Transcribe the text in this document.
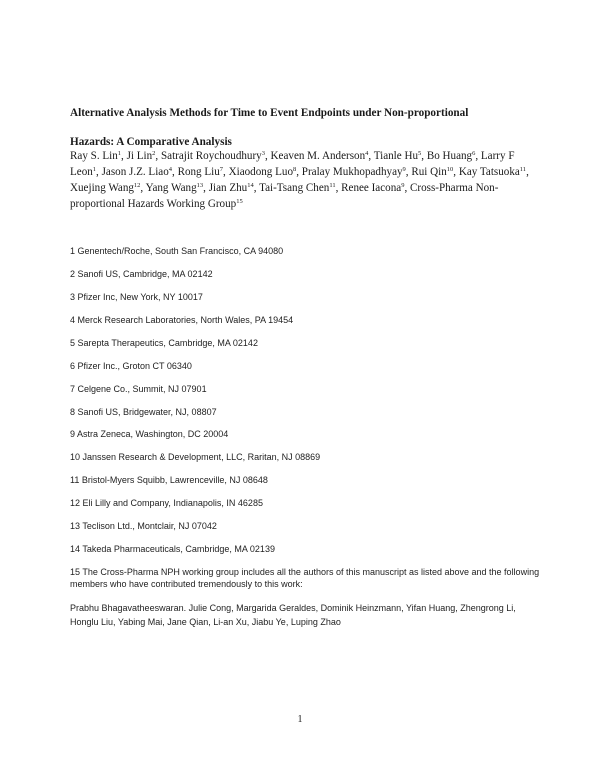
Alternative Analysis Methods for Time to Event Endpoints under Non-proportional

Hazards: A Comparative Analysis

Ray S. Lin$^1$, Ji Lin$^2$, Satrajit Roychoudhury$^3$, Keaven M. Anderson$^4$, Tianle Hu$^5$, Bo Huang$^6$, Larry F Leon$^1$, Jason J.Z. Liao$^4$, Rong Liu$^7$, Xiaodong Luo$^8$, Pralay Mukhopadhyay$^9$, Rui Qin$^{10}$, Kay Tatsuoka$^{11}$, Xuejing Wang$^{12}$, Yang Wang$^{13}$, Jian Zhu$^{14}$, Tai-Tsang Chen$^{11}$, Renee Iacona$^9$, Cross-Pharma Non-proportional Hazards Working Group$^{15}$

1 Genentech/Roche, South San Francisco, CA 94080

2 Sanofi US, Cambridge, MA 02142

3 Pfizer Inc, New York, NY 10017

4 Merck Research Laboratories, North Wales, PA 19454

5 Sarepta Therapeutics, Cambridge, MA 02142

6 Pfizer Inc., Groton CT 06340

7 Celgene Co., Summit, NJ 07901

8 Sanofi US, Bridgewater, NJ, 08807

9 Astra Zeneca, Washington, DC 20004

10 Janssen Research & Development, LLC, Raritan, NJ 08869

11 Bristol-Myers Squibb, Lawrenceville, NJ 08648

12 Eli Lilly and Company, Indianapolis, IN 46285

13 Teclison Ltd., Montclair, NJ 07042

14 Takeda Pharmaceuticals, Cambridge, MA 02139

15 The Cross-Pharma NPH working group includes all the authors of this manuscript as listed above and the following members who have contributed tremendously to this work:

Prabhu Bhagavatheeswaran. Julie Cong, Margarida Geraldes, Dominik Heinzmann, Yifan Huang, Zhengrong Li, Honglu Liu, Yabing Mai, Jane Qian, Li-an Xu, Jiabu Ye, Luping Zhao

1
